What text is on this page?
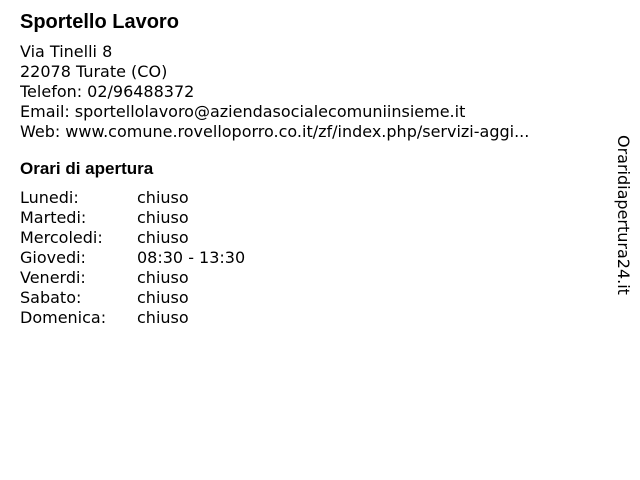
Sportello Lavoro
Via Tinelli 8
22078 Turate (CO)
Telefon: 02/96488372
Email: sportellolavoro@aziendasocialecomuniinsieme.it
Web: www.comune.rovelloporro.co.it/zf/index.php/servizi-aggi...
Orari di apertura
Lunedi:	chiuso
Martedi:	chiuso
Mercoledi: chiuso
Giovedi:	08:30 - 13:30
Venerdi:	chiuso
Sabato:	chiuso
Domenica: chiuso
Oraridiapertura24.it
